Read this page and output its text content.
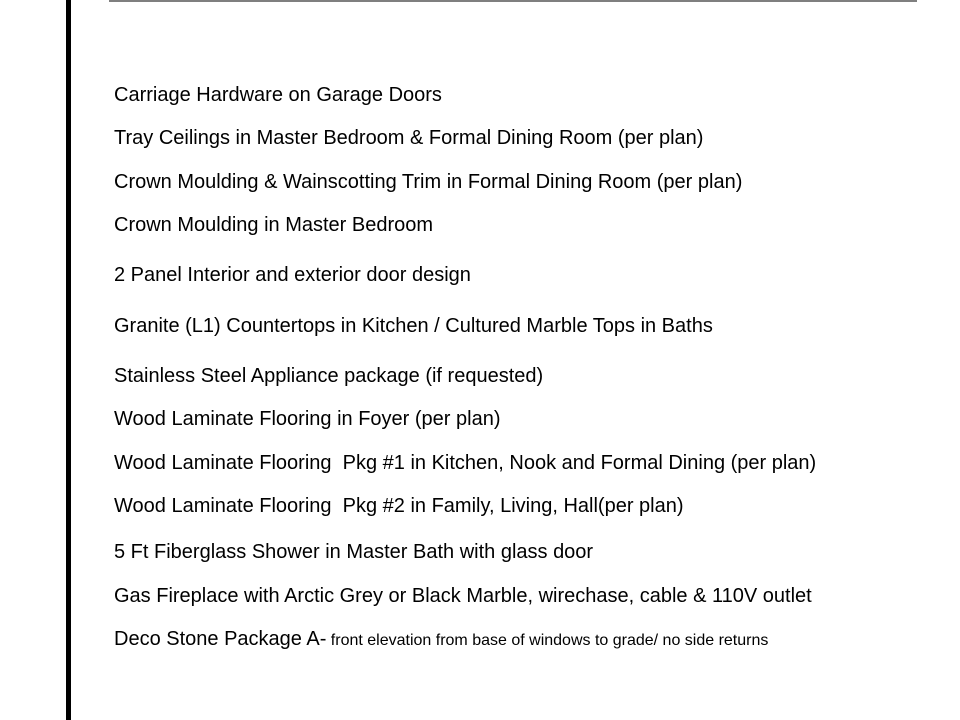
Carriage Hardware on Garage Doors
Tray Ceilings in Master Bedroom & Formal Dining Room (per plan)
Crown Moulding & Wainscotting Trim in Formal Dining Room (per plan)
Crown Moulding in Master Bedroom
2 Panel Interior and exterior door design
Granite (L1) Countertops in Kitchen / Cultured Marble Tops in Baths
Stainless Steel Appliance package (if requested)
Wood Laminate Flooring in Foyer (per plan)
Wood Laminate Flooring  Pkg #1 in Kitchen, Nook and Formal Dining (per plan)
Wood Laminate Flooring  Pkg #2 in Family, Living, Hall(per plan)
5 Ft Fiberglass Shower in Master Bath with glass door
Gas Fireplace with Arctic Grey or Black Marble, wirechase, cable & 110V outlet
Deco Stone Package A- front elevation from base of windows to grade/ no side returns
